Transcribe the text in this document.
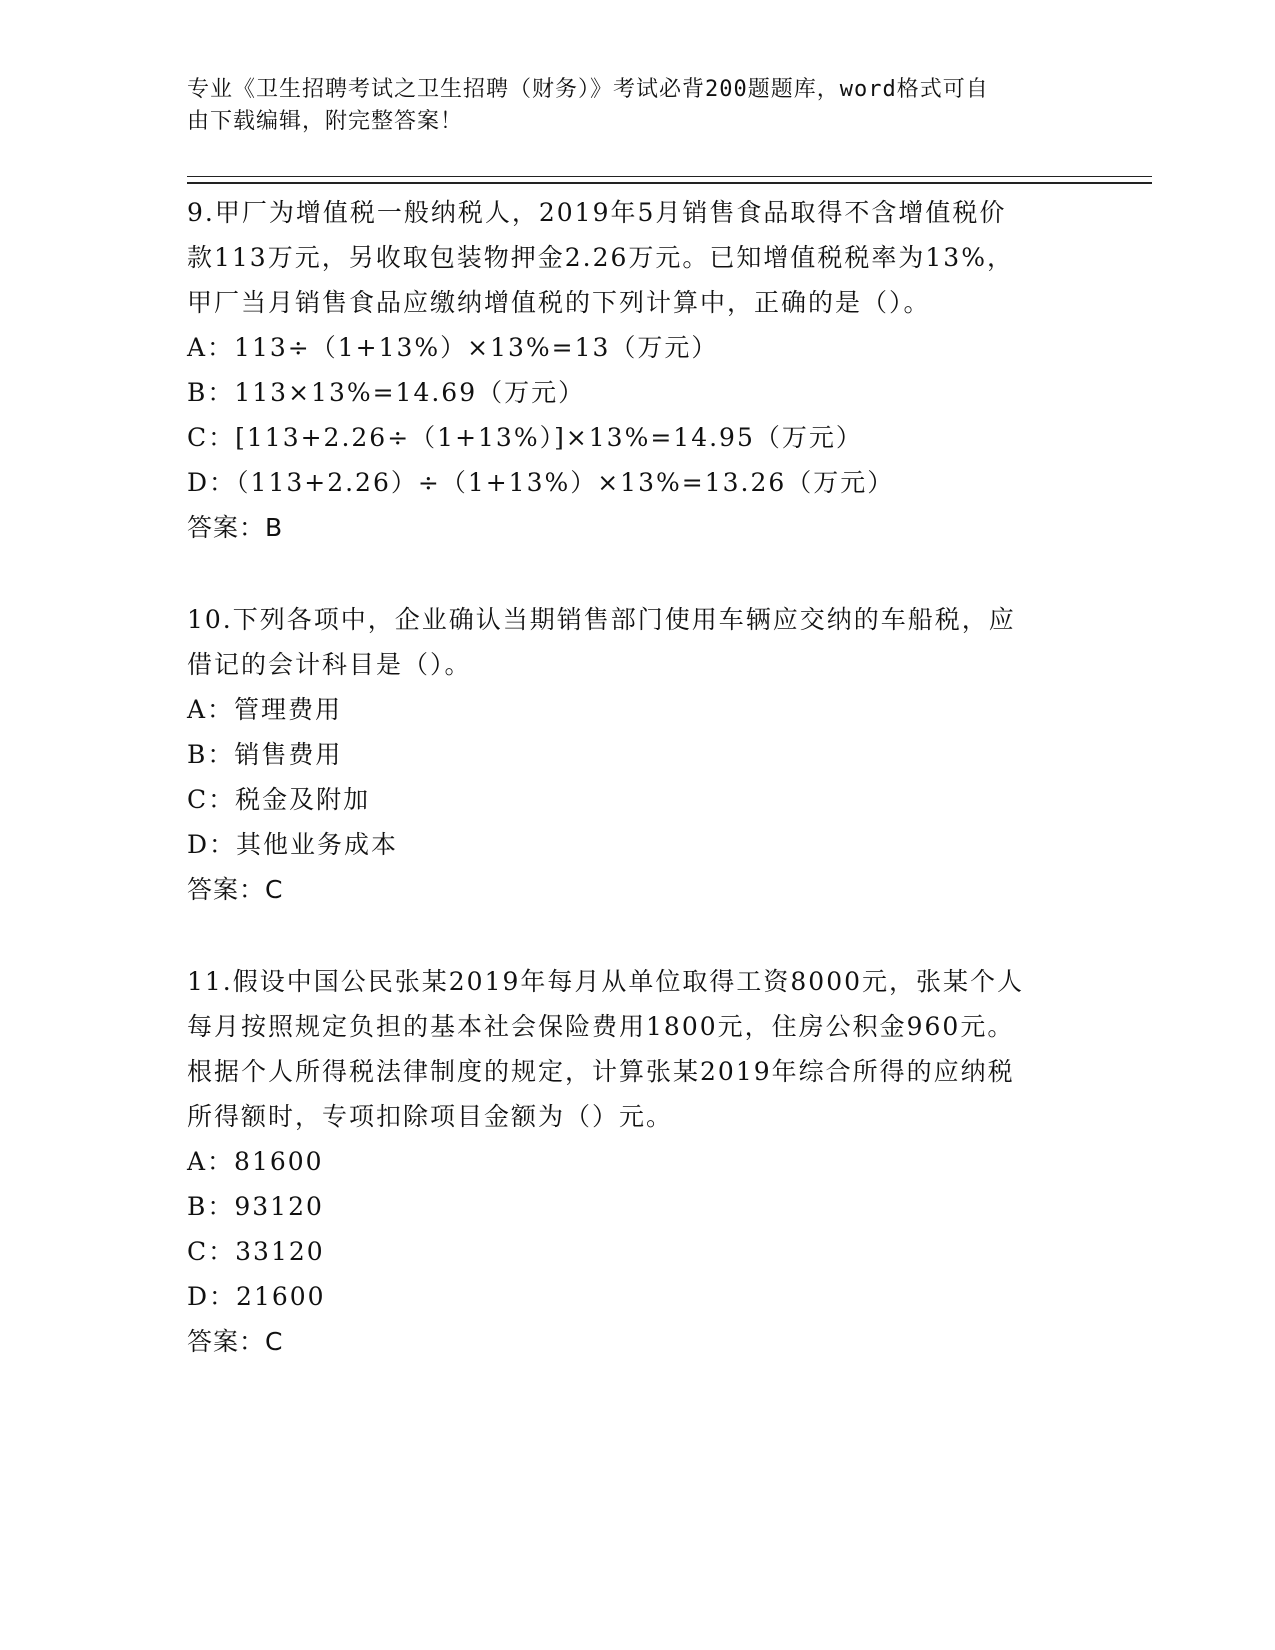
专业《卫生招聘考试之卫生招聘（财务）》考试必背200题题库，word格式可自
由下载编辑，附完整答案！

9.甲厂为增值税一般纳税人，2019年5月销售食品取得不含增值税价

款113万元，另收取包装物押金2.26万元。已知增值税税率为13%，

甲厂当月销售食品应缴纳增值税的下列计算中，正确的是（）。

A：113÷（1+13%）×13%=13（万元）

B：113×13%=14.69（万元）

C：[113+2.26÷（1+13%）]×13%=14.95（万元）

D：（113+2.26）÷（1+13%）×13%=13.26（万元）

答案：B

10.下列各项中，企业确认当期销售部门使用车辆应交纳的车船税，应

借记的会计科目是（）。

A：管理费用

B：销售费用

C：税金及附加

D：其他业务成本

答案：C

11.假设中国公民张某2019年每月从单位取得工资8000元，张某个人

每月按照规定负担的基本社会保险费用1800元，住房公积金960元。

根据个人所得税法律制度的规定，计算张某2019年综合所得的应纳税

所得额时，专项扣除项目金额为（）元。

A：81600

B：93120

C：33120

D：21600

答案：C
